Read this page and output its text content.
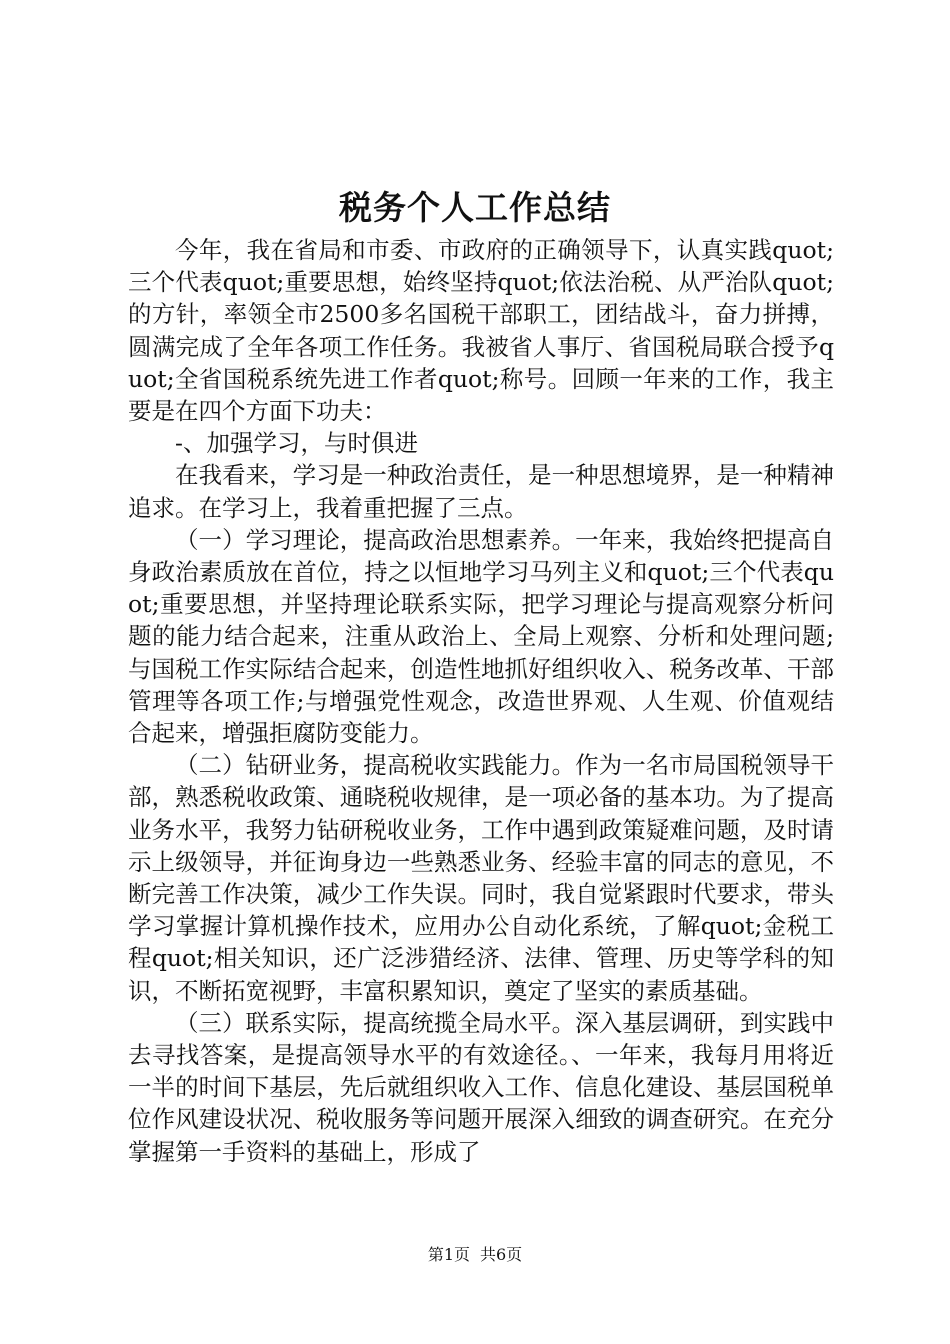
税务个人工作总结

今年，我在省局和市委、市政府的正确领导下，认真实践quot;三个代表quot;重要思想，始终坚持quot;依法治税、从严治队quot;的方针，率领全市2500多名国税干部职工，团结战斗，奋力拼搏，圆满完成了全年各项工作任务。我被省人事厅、省国税局联合授予quot;全省国税系统先进工作者quot;称号。回顾一年来的工作，我主要是在四个方面下功夫：

-、加强学习，与时俱进

在我看来，学习是一种政治责任，是一种思想境界，是一种精神追求。在学习上，我着重把握了三点。

（一）学习理论，提高政治思想素养。一年来，我始终把提高自身政治素质放在首位，持之以恒地学习马列主义和quot;三个代表quot;重要思想，并坚持理论联系实际，把学习理论与提高观察分析问题的能力结合起来，注重从政治上、全局上观察、分析和处理问题;与国税工作实际结合起来，创造性地抓好组织收入、税务改革、干部管理等各项工作;与增强党性观念，改造世界观、人生观、价值观结合起来，增强拒腐防变能力。

（二）钻研业务，提高税收实践能力。作为一名市局国税领导干部，熟悉税收政策、通晓税收规律，是一项必备的基本功。为了提高业务水平，我努力钻研税收业务，工作中遇到政策疑难问题，及时请示上级领导，并征询身边一些熟悉业务、经验丰富的同志的意见，不断完善工作决策，减少工作失误。同时，我自觉紧跟时代要求，带头学习掌握计算机操作技术，应用办公自动化系统，了解quot;金税工程quot;相关知识，还广泛涉猎经济、法律、管理、历史等学科的知识，不断拓宽视野，丰富积累知识，奠定了坚实的素质基础。

（三）联系实际，提高统揽全局水平。深入基层调研，到实践中去寻找答案，是提高领导水平的有效途径。、一年来，我每月用将近一半的时间下基层，先后就组织收入工作、信息化建设、基层国税单位作风建设状况、税收服务等问题开展深入细致的调查研究。在充分掌握第一手资料的基础上，形成了

第1页 共6页
